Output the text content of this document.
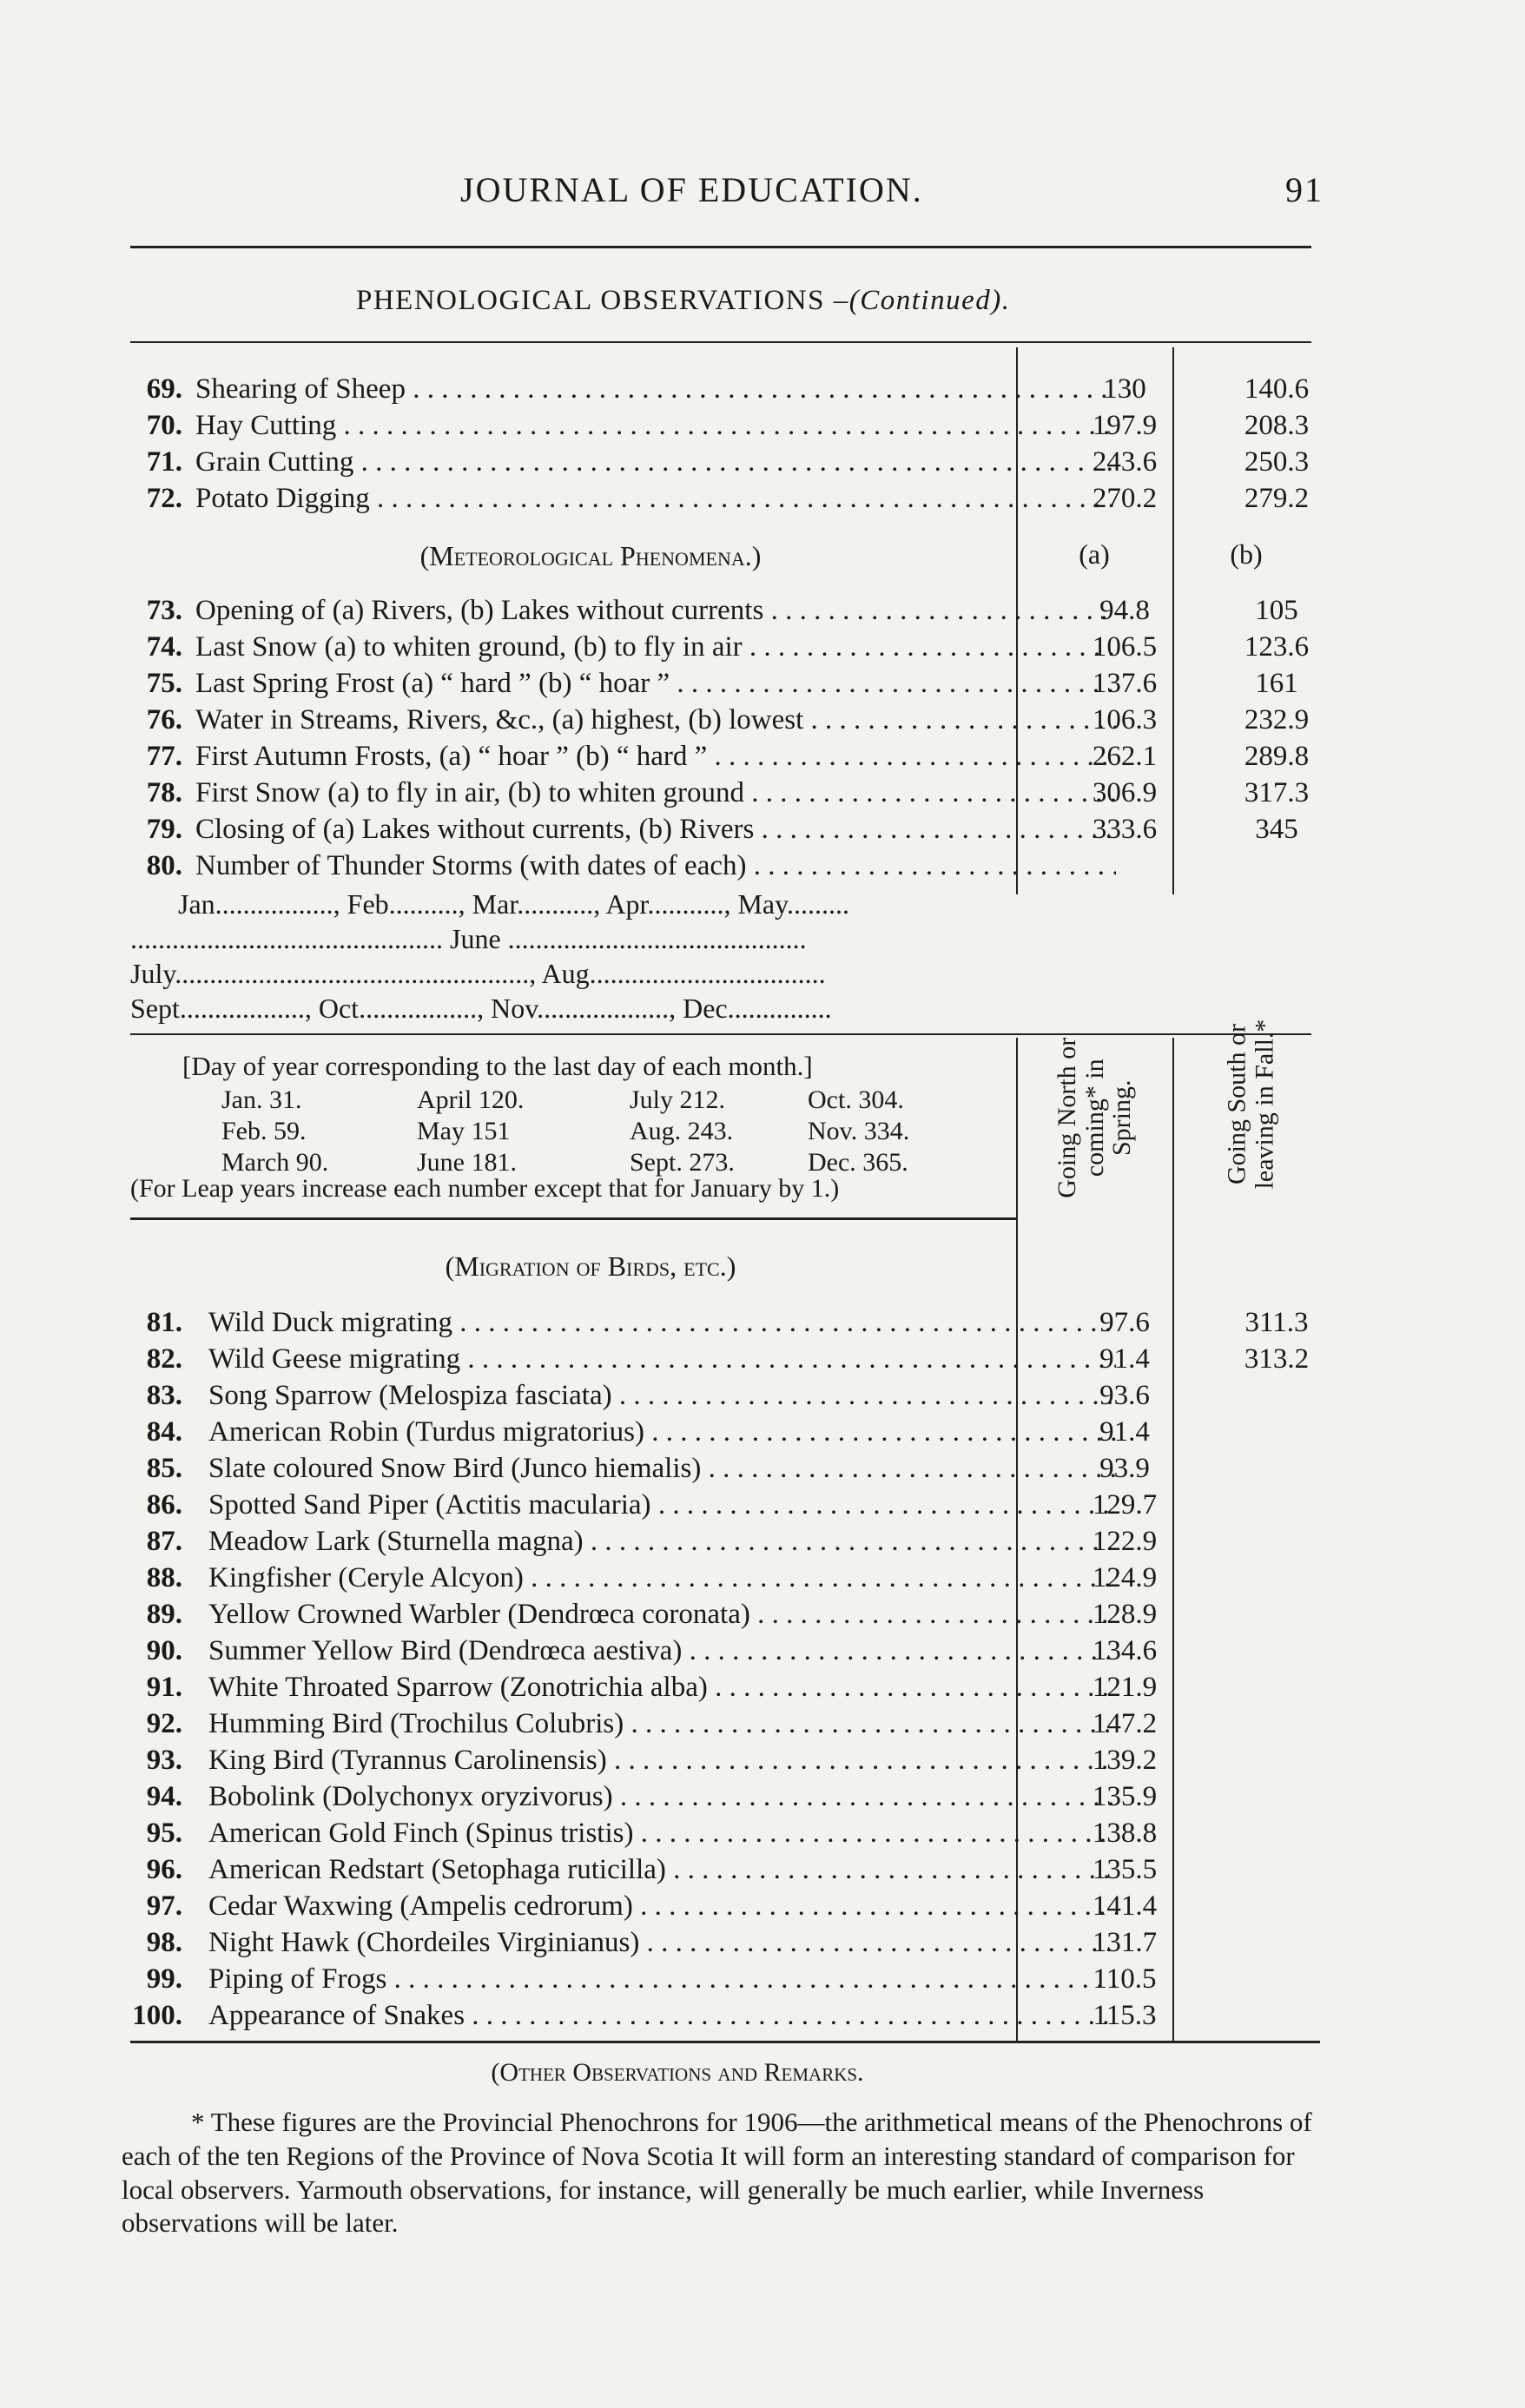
JOURNAL OF EDUCATION.	91
PHENOLOGICAL OBSERVATIONS –(Continued).
69. Shearing of Sheep . . .	130	140.6
70. Hay Cutting . . .	197.9	208.3
71. Grain Cutting . . .	243.6	250.3
72. Potato Digging . . .	270.2	279.2
(Meteorological Phenomena.)	(a)	(b)
73. Opening of (a) Rivers, (b) Lakes without currents . . .	94.8	105
74. Last Snow (a) to whiten ground, (b) to fly in air . . .	106.5	123.6
75. Last Spring Frost (a) “ hard ” (b) “ hoar ” . . .	137.6	161
76. Water in Streams, Rivers, &c., (a) highest, (b) lowest . . .	106.3	232.9
77. First Autumn Frosts, (a) “ hoar ” (b) “ hard ” . . .	262.1	289.8
78. First Snow (a) to fly in air, (b) to whiten ground . . .	306.9	317.3
79. Closing of (a) Lakes without currents, (b) Rivers . . .	333.6	345
80. Number of Thunder Storms (with dates of each) . . .
Jan................., Feb.........., Mar..........., Apr..........., May.........
............................................. June ...........................................
July..................................................., Aug..................................
Sept.................., Oct................., Nov..................., Dec...............
[Day of year corresponding to the last day of each month.]
Jan. 31.	April 120.	July 212.	Oct. 304.
Feb. 59.	May 151	Aug. 243.	Nov. 334.
March 90.	June 181.	Sept. 273.	Dec. 365.
(For Leap years increase each number except that for January by 1.)	Going North or coming* in Spring.	Going South or leaving in Fall.*
(Migration of Birds, etc.)
81. Wild Duck migrating . . .	97.6	311.3
82. Wild Geese migrating . . .	91.4	313.2
83. Song Sparrow (Melospiza fasciata) . . .	93.6
84. American Robin (Turdus migratorius) . . .	91.4
85. Slate coloured Snow Bird (Junco hiemalis) . . .	93.9
86. Spotted Sand Piper (Actitis macularia) . . .	129.7
87. Meadow Lark (Sturnella magna) . . .	122.9
88. Kingfisher (Ceryle Alcyon) . . .	124.9
89. Yellow Crowned Warbler (Dendrœca coronata) . . .	128.9
90. Summer Yellow Bird (Dendrœca aestiva) . . .	134.6
91. White Throated Sparrow (Zonotrichia alba) . . .	121.9
92. Humming Bird (Trochilus Colubris) . . .	147.2
93. King Bird (Tyrannus Carolinensis) . . .	139.2
94. Bobolink (Dolychonyx oryzivorus) . . .	135.9
95. American Gold Finch (Spinus tristis) . . .	138.8
96. American Redstart (Setophaga ruticilla) . . .	135.5
97. Cedar Waxwing (Ampelis cedrorum) . . .	141.4
98. Night Hawk (Chordeiles Virginianus) . . .	131.7
99. Piping of Frogs . . .	110.5
100. Appearance of Snakes . . .	115.3
(Other Observations and Remarks.
* These figures are the Provincial Phenochrons for 1906—the arithmetical means of the Phenochrons of each of the ten Regions of the Province of Nova Scotia It will form an interesting standard of comparison for local observers. Yarmouth observations, for instance, will generally be much earlier, while Inverness observations will be later.
